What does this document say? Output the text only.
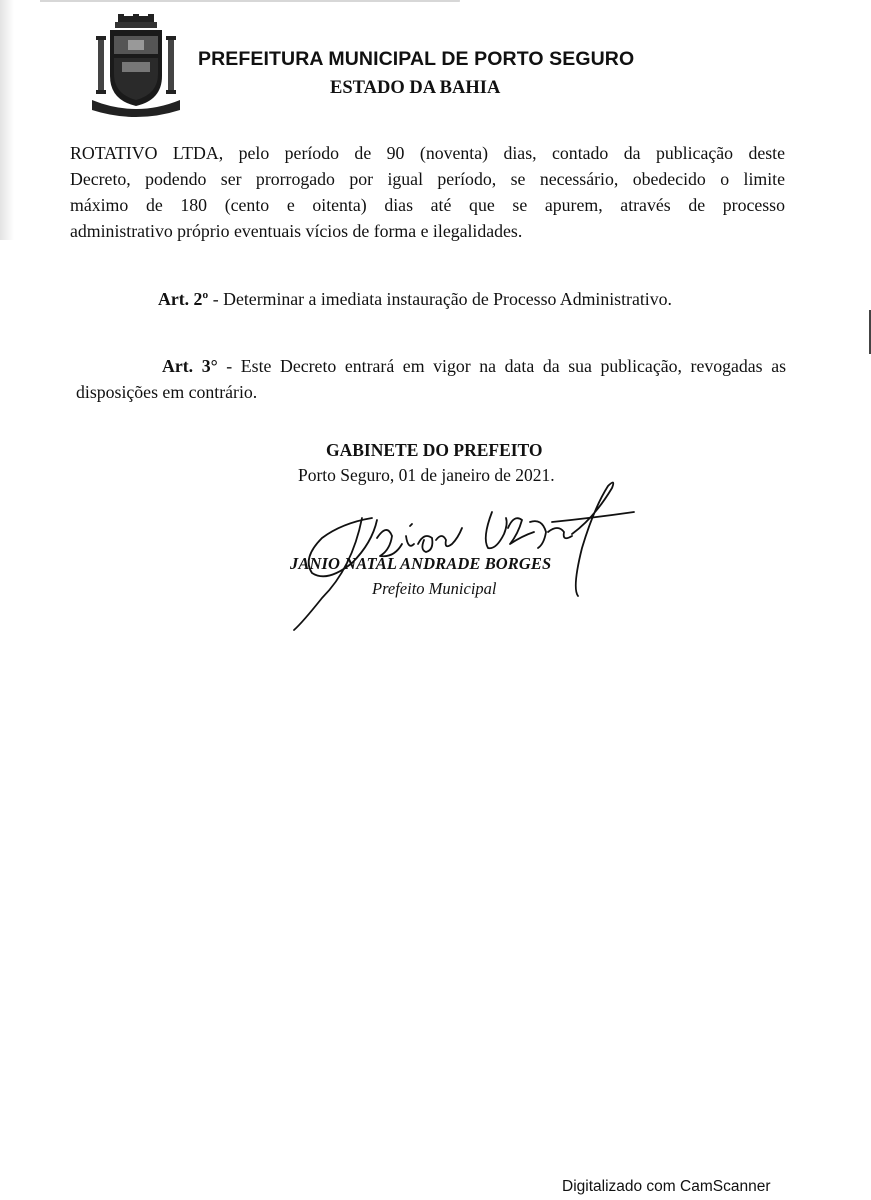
PREFEITURA MUNICIPAL DE PORTO SEGURO
ESTADO DA BAHIA
ROTATIVO LTDA, pelo período de 90 (noventa) dias, contado da publicação deste
Decreto, podendo ser prorrogado por igual período, se necessário, obedecido o limite
máximo de 180 (cento e oitenta) dias até que se apurem, através de processo
administrativo próprio eventuais vícios de forma e ilegalidades.
Art. 2º - Determinar a imediata instauração de Processo Administrativo.
Art. 3° - Este Decreto entrará em vigor na data da sua publicação, revogadas as
disposições em contrário.
GABINETE DO PREFEITO
Porto Seguro, 01 de janeiro de 2021.
JANIO NATAL ANDRADE BORGES
Prefeito Municipal
Digitalizado com CamScanner
